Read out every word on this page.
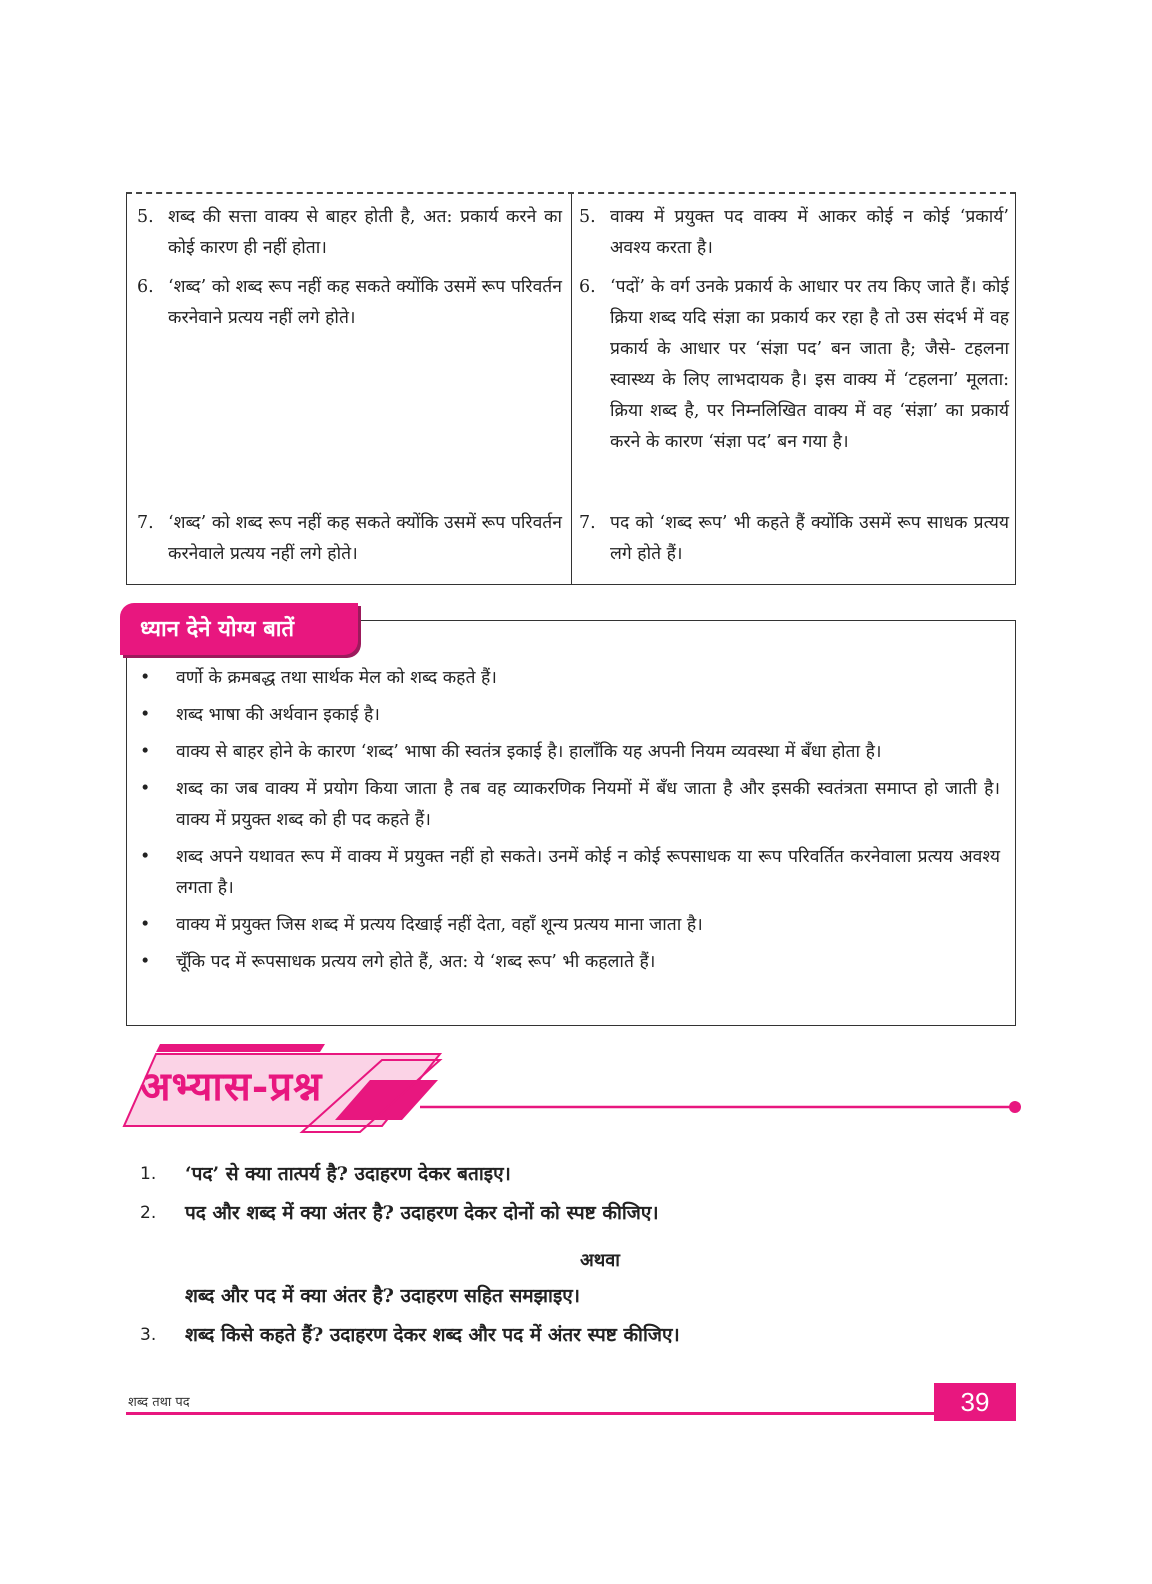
5. शब्द की सत्ता वाक्य से बाहर होती है, अत: प्रकार्य करने का कोई कारण ही नहीं होता।
5. वाक्य में प्रयुक्त पद वाक्य में आकर कोई न कोई ‘प्रकार्य’ अवश्य करता है।
6. ‘शब्द’ को शब्द रूप नहीं कह सकते क्योंकि उसमें रूप परिवर्तन करनेवाने प्रत्यय नहीं लगे होते।
6. ‘पदों’ के वर्ग उनके प्रकार्य के आधार पर तय किए जाते हैं। कोई क्रिया शब्द यदि संज्ञा का प्रकार्य कर रहा है तो उस संदर्भ में वह प्रकार्य के आधार पर ‘संज्ञा पद’ बन जाता है; जैसे- टहलना स्वास्थ्य के लिए लाभदायक है। इस वाक्य में ‘टहलना’ मूलता: क्रिया शब्द है, पर निम्नलिखित वाक्य में वह ‘संज्ञा’ का प्रकार्य करने के कारण ‘संज्ञा पद’ बन गया है।
7. ‘शब्द’ को शब्द रूप नहीं कह सकते क्योंकि उसमें रूप परिवर्तन करनेवाले प्रत्यय नहीं लगे होते।
7. पद को ‘शब्द रूप’ भी कहते हैं क्योंकि उसमें रूप साधक प्रत्यय लगे होते हैं।
ध्यान देने योग्य बातें
• वर्णो के क्रमबद्ध तथा सार्थक मेल को शब्द कहते हैं।
• शब्द भाषा की अर्थवान इकाई है।
• वाक्य से बाहर होने के कारण ‘शब्द’ भाषा की स्वतंत्र इकाई है। हालाँकि यह अपनी नियम व्यवस्था में बँधा होता है।
• शब्द का जब वाक्य में प्रयोग किया जाता है तब वह व्याकरणिक नियमों में बँध जाता है और इसकी स्वतंत्रता समाप्त हो जाती है। वाक्य में प्रयुक्त शब्द को ही पद कहते हैं।
• शब्द अपने यथावत रूप में वाक्य में प्रयुक्त नहीं हो सकते। उनमें कोई न कोई रूपसाधक या रूप परिवर्तित करनेवाला प्रत्यय अवश्य लगता है।
• वाक्य में प्रयुक्त जिस शब्द में प्रत्यय दिखाई नहीं देता, वहाँ शून्य प्रत्यय माना जाता है।
• चूँकि पद में रूपसाधक प्रत्यय लगे होते हैं, अत: ये ‘शब्द रूप’ भी कहलाते हैं।
अभ्यास-प्रश्न
1. ‘पद’ से क्या तात्पर्य है? उदाहरण देकर बताइए।
2. पद और शब्द में क्या अंतर है? उदाहरण देकर दोनों को स्पष्ट कीजिए।
अथवा
शब्द और पद में क्या अंतर है? उदाहरण सहित समझाइए।
3. शब्द किसे कहते हैं? उदाहरण देकर शब्द और पद में अंतर स्पष्ट कीजिए।
शब्द तथा पद	39
